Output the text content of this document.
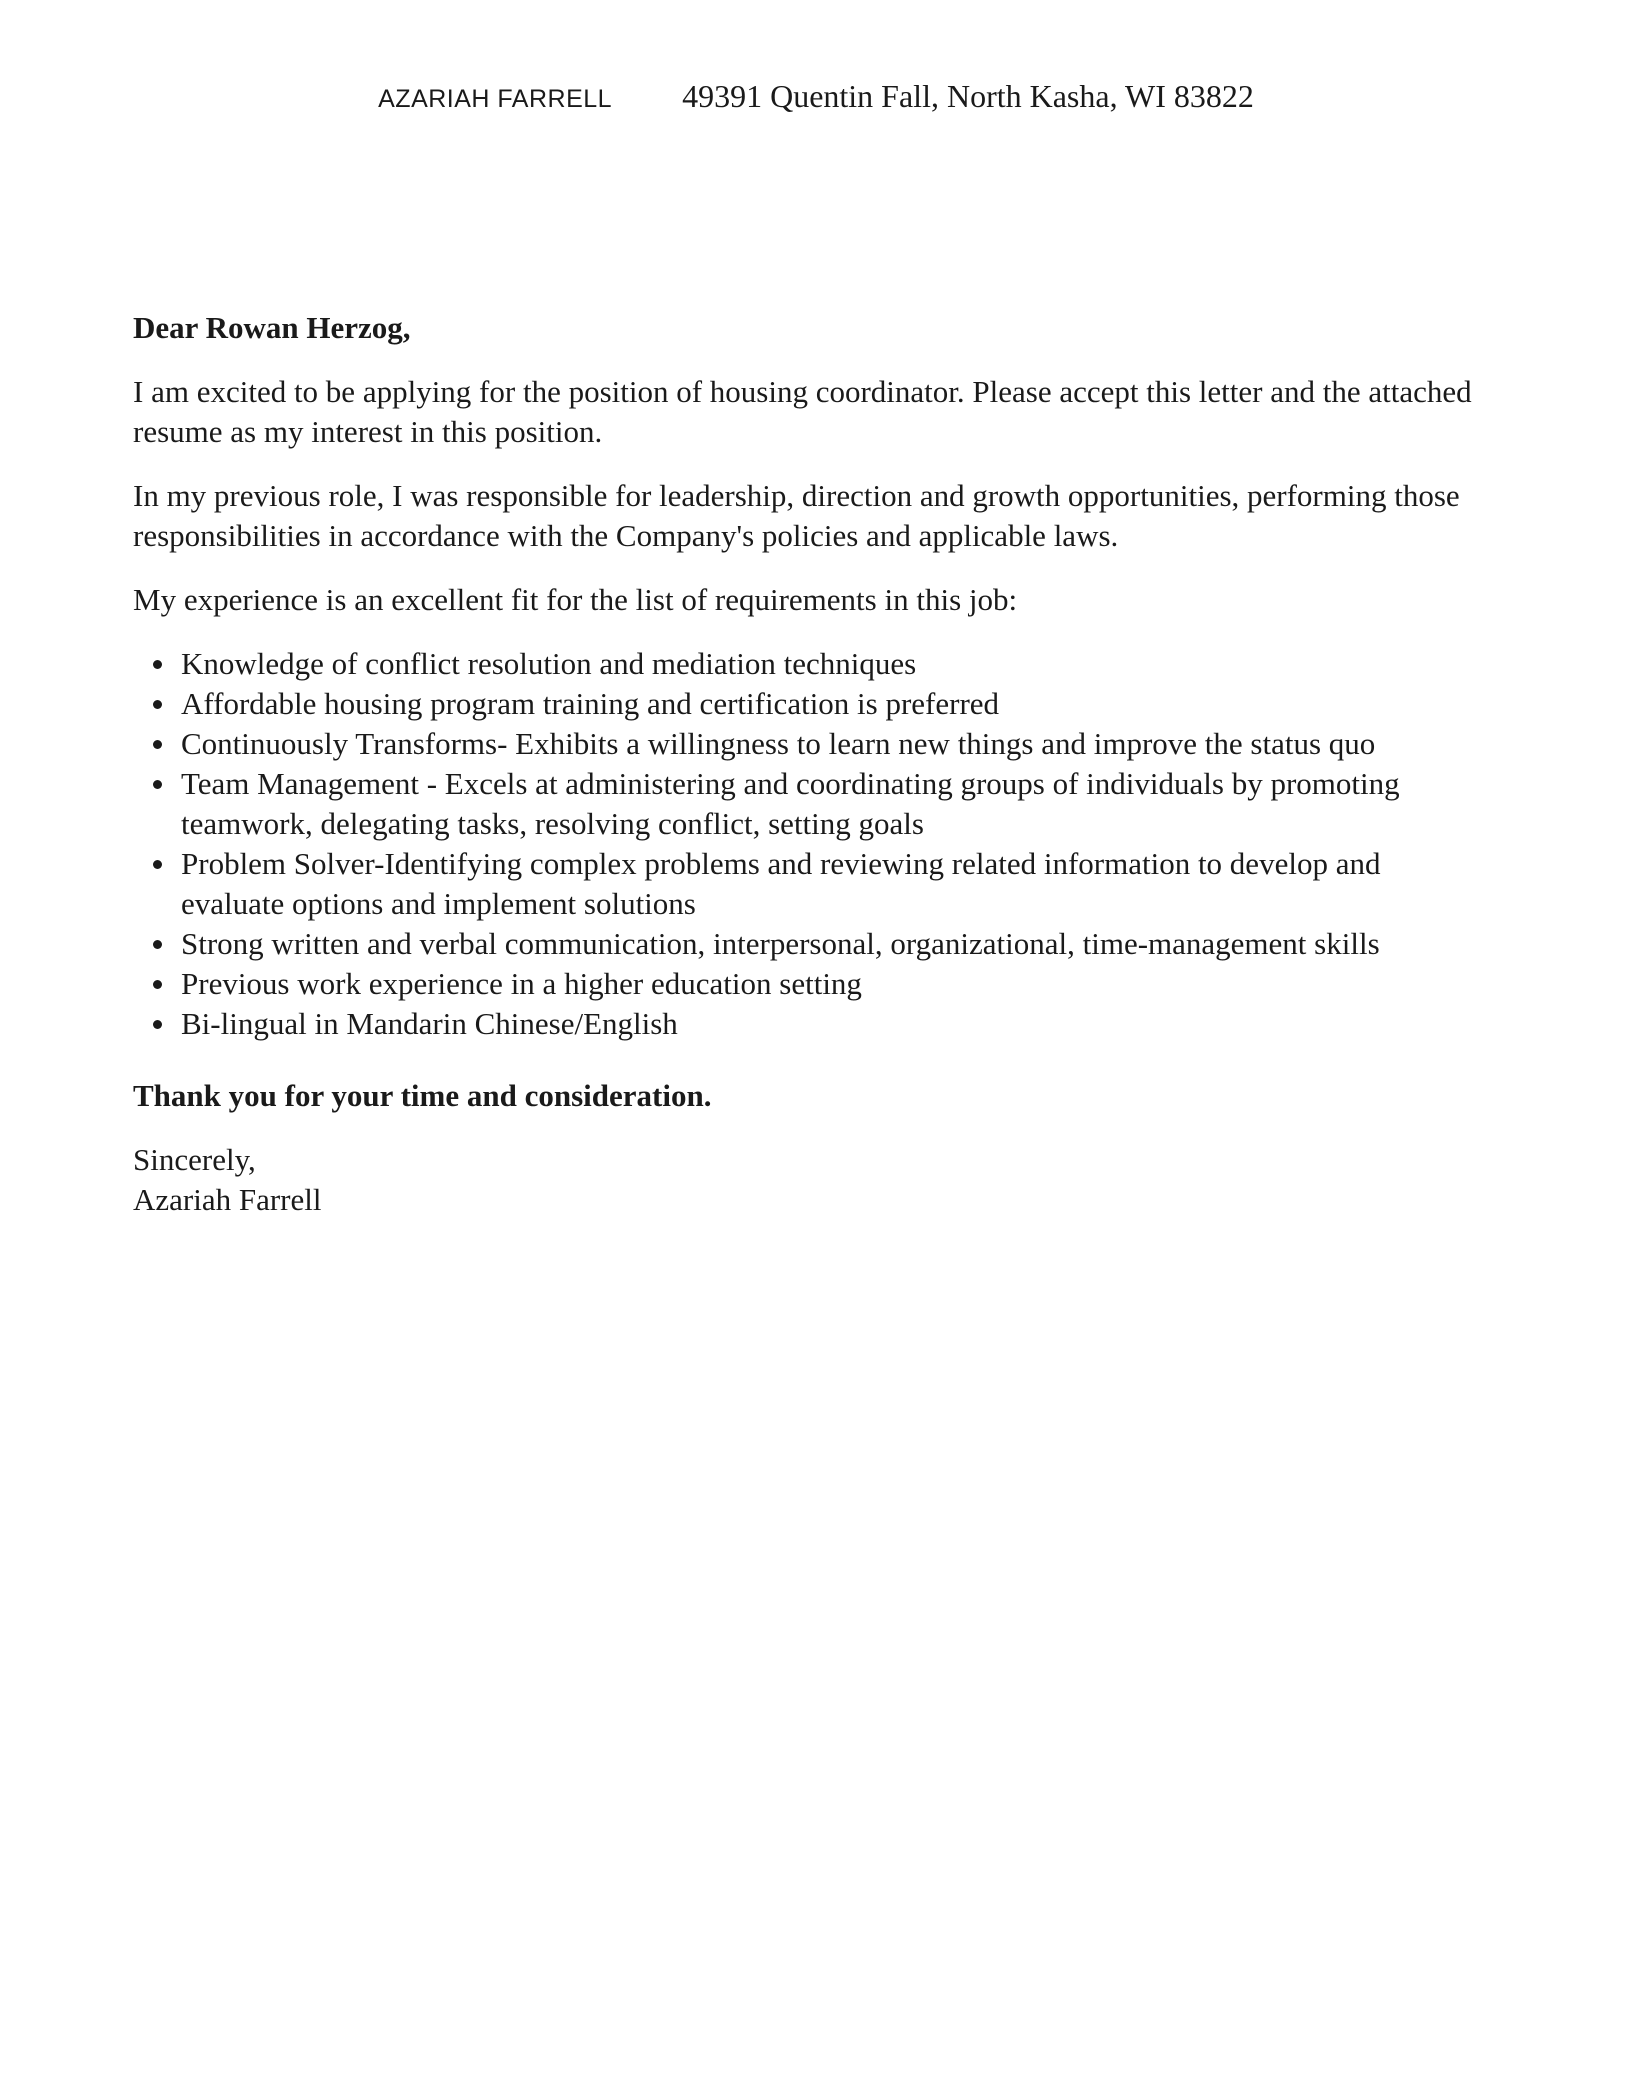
AZARIAH FARRELL 49391 Quentin Fall, North Kasha, WI 83822

Dear Rowan Herzog,

I am excited to be applying for the position of housing coordinator. Please accept this letter and the attached resume as my interest in this position.

In my previous role, I was responsible for leadership, direction and growth opportunities, performing those responsibilities in accordance with the Company's policies and applicable laws.

My experience is an excellent fit for the list of requirements in this job:

Knowledge of conflict resolution and mediation techniques
Affordable housing program training and certification is preferred
Continuously Transforms- Exhibits a willingness to learn new things and improve the status quo
Team Management - Excels at administering and coordinating groups of individuals by promoting teamwork, delegating tasks, resolving conflict, setting goals
Problem Solver-Identifying complex problems and reviewing related information to develop and evaluate options and implement solutions
Strong written and verbal communication, interpersonal, organizational, time-management skills
Previous work experience in a higher education setting
Bi-lingual in Mandarin Chinese/English

Thank you for your time and consideration.

Sincerely,

Azariah Farrell
